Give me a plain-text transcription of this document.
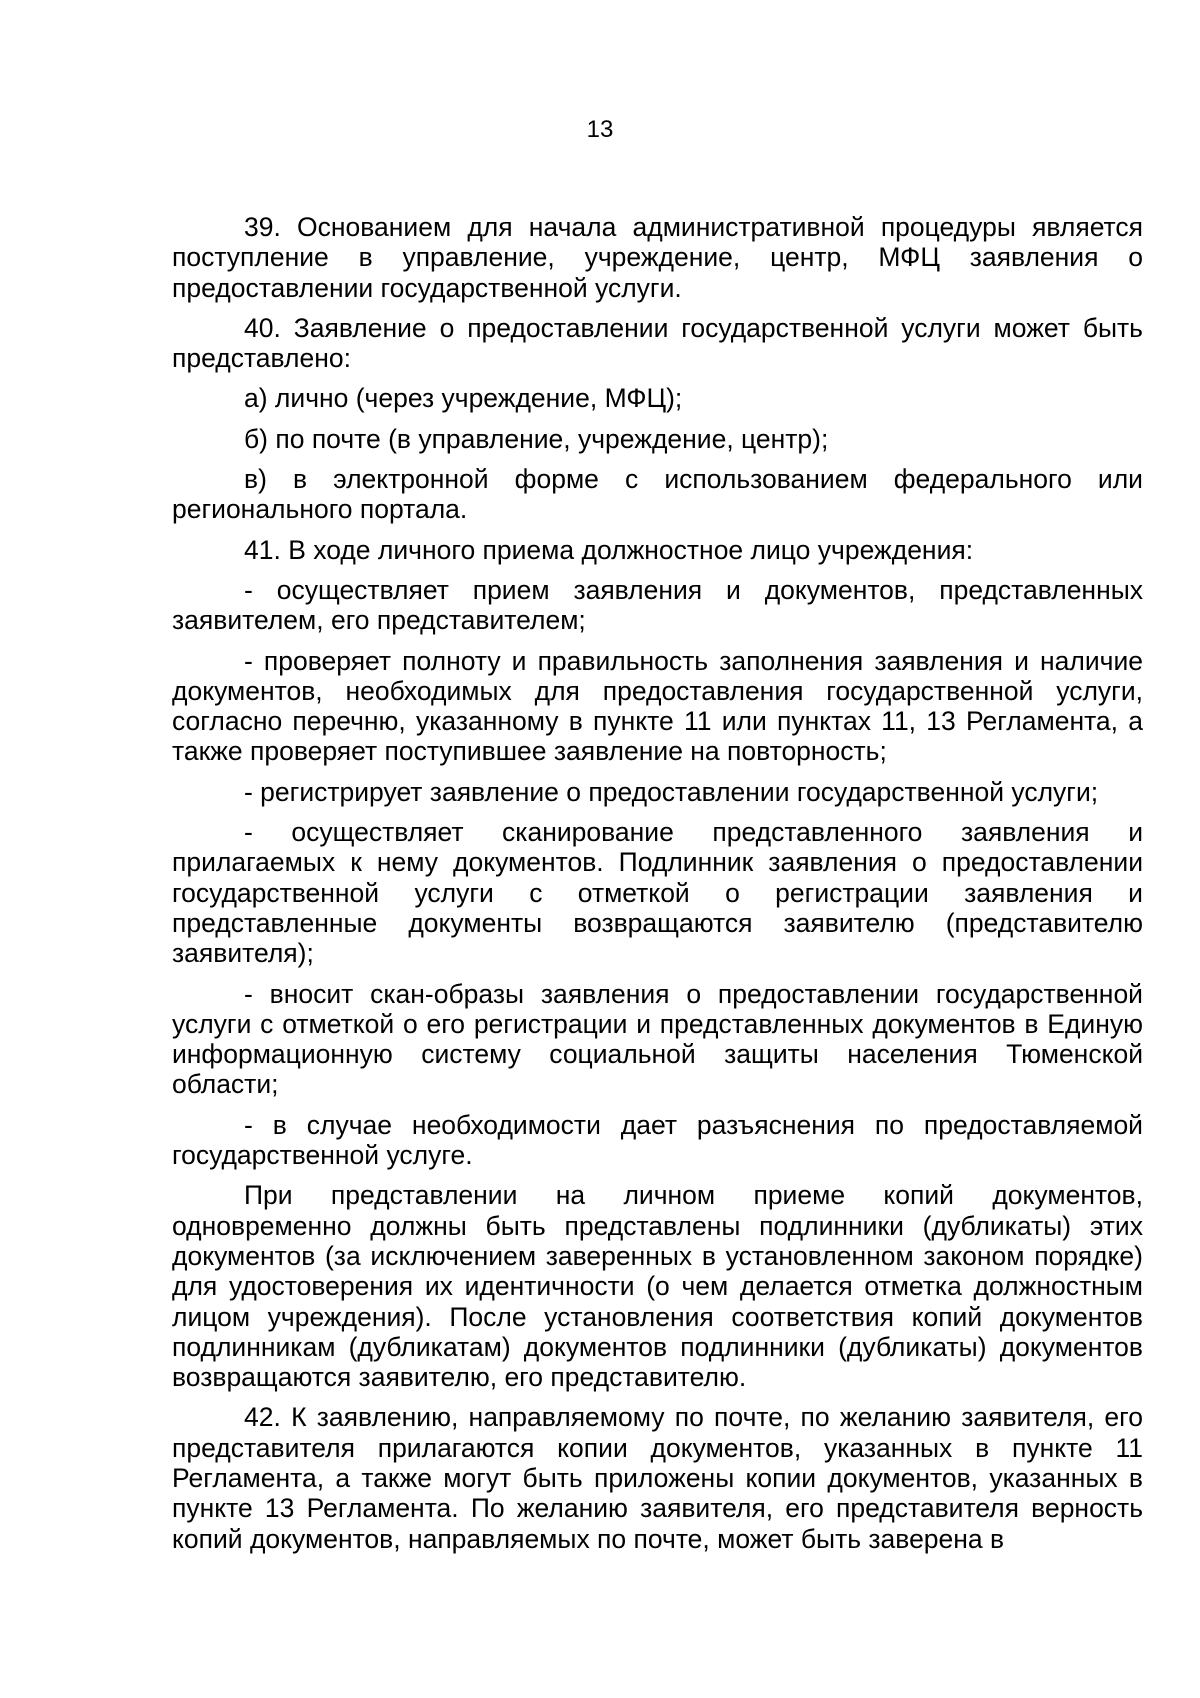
13

39. Основанием для начала административной процедуры является поступление в управление, учреждение, центр, МФЦ заявления о предоставлении государственной услуги.

40. Заявление о предоставлении государственной услуги может быть представлено:

а) лично (через учреждение, МФЦ);

б) по почте (в управление, учреждение, центр);

в) в электронной форме с использованием федерального или регионального портала.

41. В ходе личного приема должностное лицо учреждения:

- осуществляет прием заявления и документов, представленных заявителем, его представителем;

- проверяет полноту и правильность заполнения заявления и наличие документов, необходимых для предоставления государственной услуги, согласно перечню, указанному в пункте 11 или пунктах 11, 13 Регламента, а также проверяет поступившее заявление на повторность;

- регистрирует заявление о предоставлении государственной услуги;

- осуществляет сканирование представленного заявления и прилагаемых к нему документов. Подлинник заявления о предоставлении государственной услуги с отметкой о регистрации заявления и представленные документы возвращаются заявителю (представителю заявителя);

- вносит скан-образы заявления о предоставлении государственной услуги с отметкой о его регистрации и представленных документов в Единую информационную систему социальной защиты населения Тюменской области;

- в случае необходимости дает разъяснения по предоставляемой государственной услуге.

При представлении на личном приеме копий документов, одновременно должны быть представлены подлинники (дубликаты) этих документов (за исключением заверенных в установленном законом порядке) для удостоверения их идентичности (о чем делается отметка должностным лицом учреждения). После установления соответствия копий документов подлинникам (дубликатам) документов подлинники (дубликаты) документов возвращаются заявителю, его представителю.

42. К заявлению, направляемому по почте, по желанию заявителя, его представителя прилагаются копии документов, указанных в пункте 11 Регламента, а также могут быть приложены копии документов, указанных в пункте 13 Регламента. По желанию заявителя, его представителя верность копий документов, направляемых по почте, может быть заверена в
